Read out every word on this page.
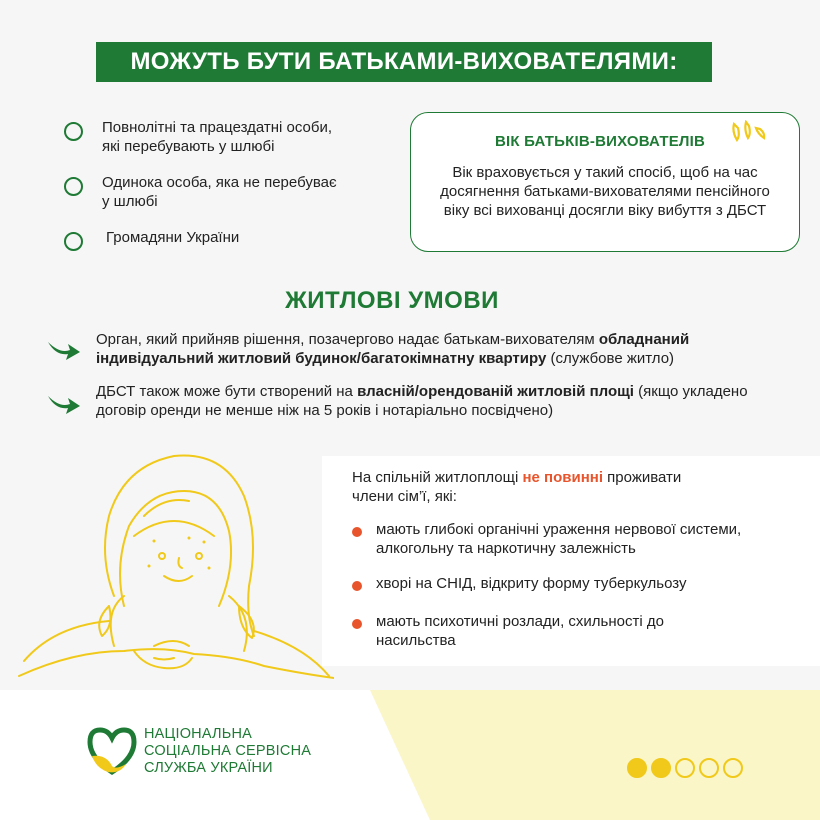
МОЖУТЬ БУТИ БАТЬКАМИ-ВИХОВАТЕЛЯМИ:
Повнолітні та працездатні особи,
які перебувають у шлюбі
Одинока особа, яка не перебуває
у шлюбі
Громадяни України
ВІК БАТЬКІВ-ВИХОВАТЕЛІВ
Вік враховується у такий спосіб, щоб на час досягнення батьками-вихователями пенсійного віку всі вихованці досягли віку вибуття з ДБСТ
ЖИТЛОВІ УМОВИ
Орган, який прийняв рішення, позачергово надає батькам-вихователям обладнаний індивідуальний житловий будинок/багатокімнатну квартиру (службове житло)
ДБСТ також може бути створений на власній/орендованій житловій площі (якщо укладено договір оренди не менше ніж на 5 років і нотаріально посвідчено)
На спільній житлоплощі не повинні проживати члени сім’ї, які:
мають глибокі органічні ураження нервової системи, алкогольну та наркотичну залежність
хворі на СНІД, відкриту форму туберкульозу
мають психотичні розлади, схильності до насильства
НАЦІОНАЛЬНА
СОЦІАЛЬНА СЕРВІСНА
СЛУЖБА УКРАЇНИ
